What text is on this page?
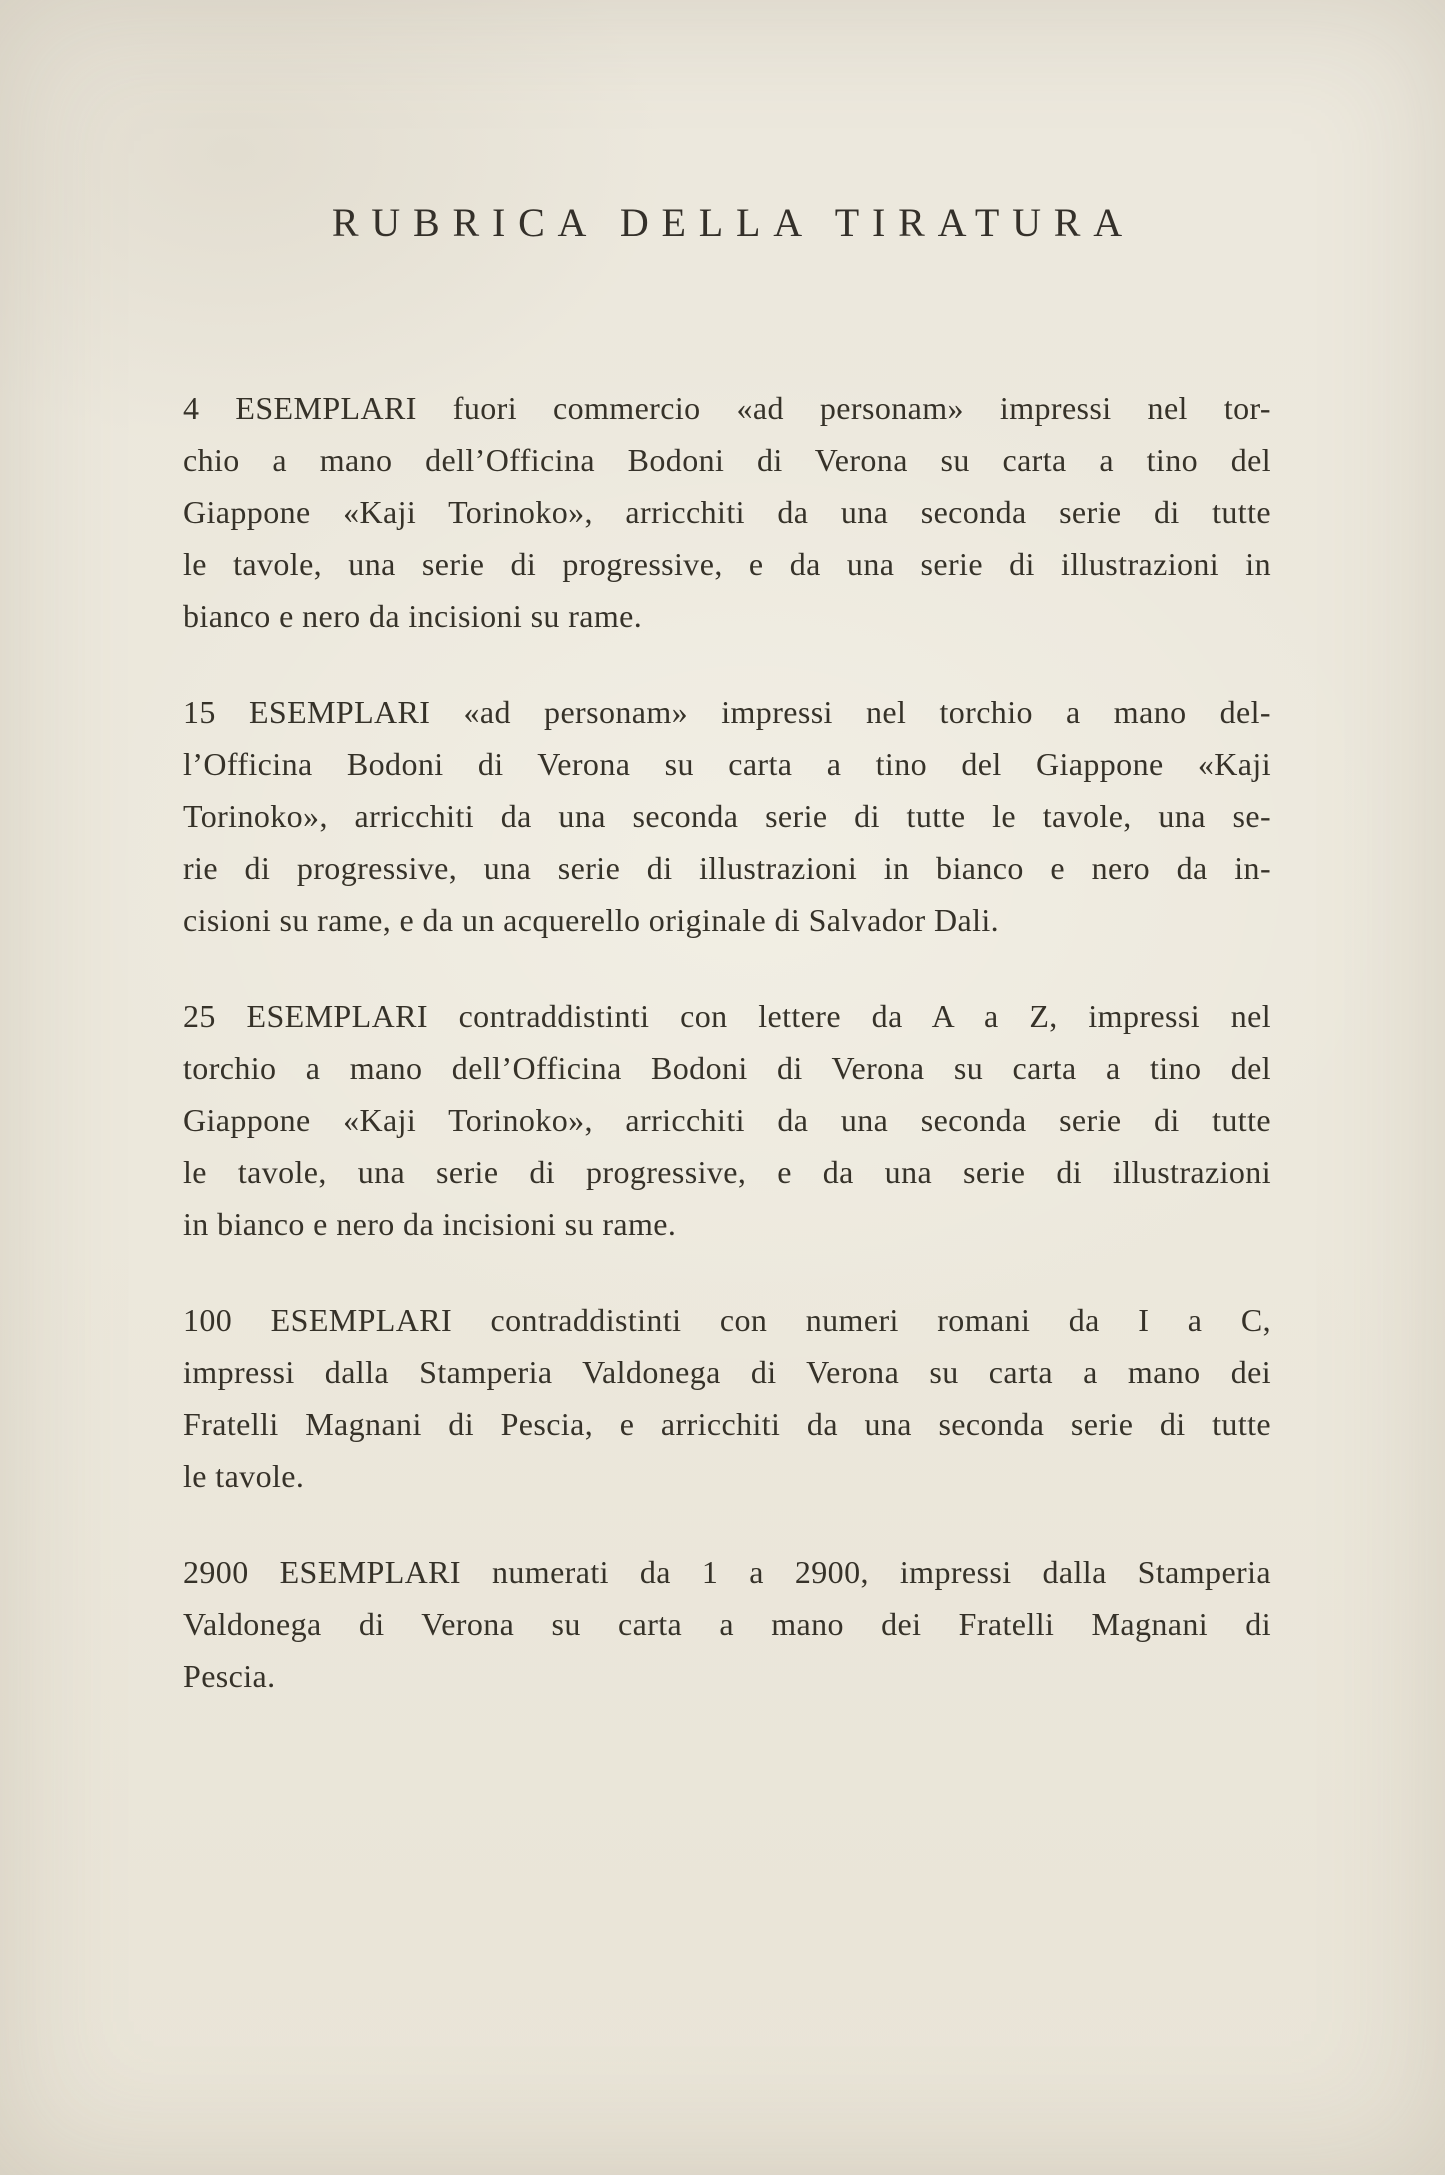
RUBRICA DELLA TIRATURA
4 ESEMPLARI fuori commercio «ad personam» impressi nel tor-
chio a mano dell’Officina Bodoni di Verona su carta a tino del
Giappone «Kaji Torinoko», arricchiti da una seconda serie di tutte
le tavole, una serie di progressive, e da una serie di illustrazioni in
bianco e nero da incisioni su rame.
15 ESEMPLARI «ad personam» impressi nel torchio a mano del-
l’Officina Bodoni di Verona su carta a tino del Giappone «Kaji
Torinoko», arricchiti da una seconda serie di tutte le tavole, una se-
rie di progressive, una serie di illustrazioni in bianco e nero da in-
cisioni su rame, e da un acquerello originale di Salvador Dali.
25 ESEMPLARI contraddistinti con lettere da A a Z, impressi nel
torchio a mano dell’Officina Bodoni di Verona su carta a tino del
Giappone «Kaji Torinoko», arricchiti da una seconda serie di tutte
le tavole, una serie di progressive, e da una serie di illustrazioni
in bianco e nero da incisioni su rame.
100 ESEMPLARI contraddistinti con numeri romani da I a C,
impressi dalla Stamperia Valdonega di Verona su carta a mano dei
Fratelli Magnani di Pescia, e arricchiti da una seconda serie di tutte
le tavole.
2900 ESEMPLARI numerati da 1 a 2900, impressi dalla Stamperia
Valdonega di Verona su carta a mano dei Fratelli Magnani di
Pescia.
